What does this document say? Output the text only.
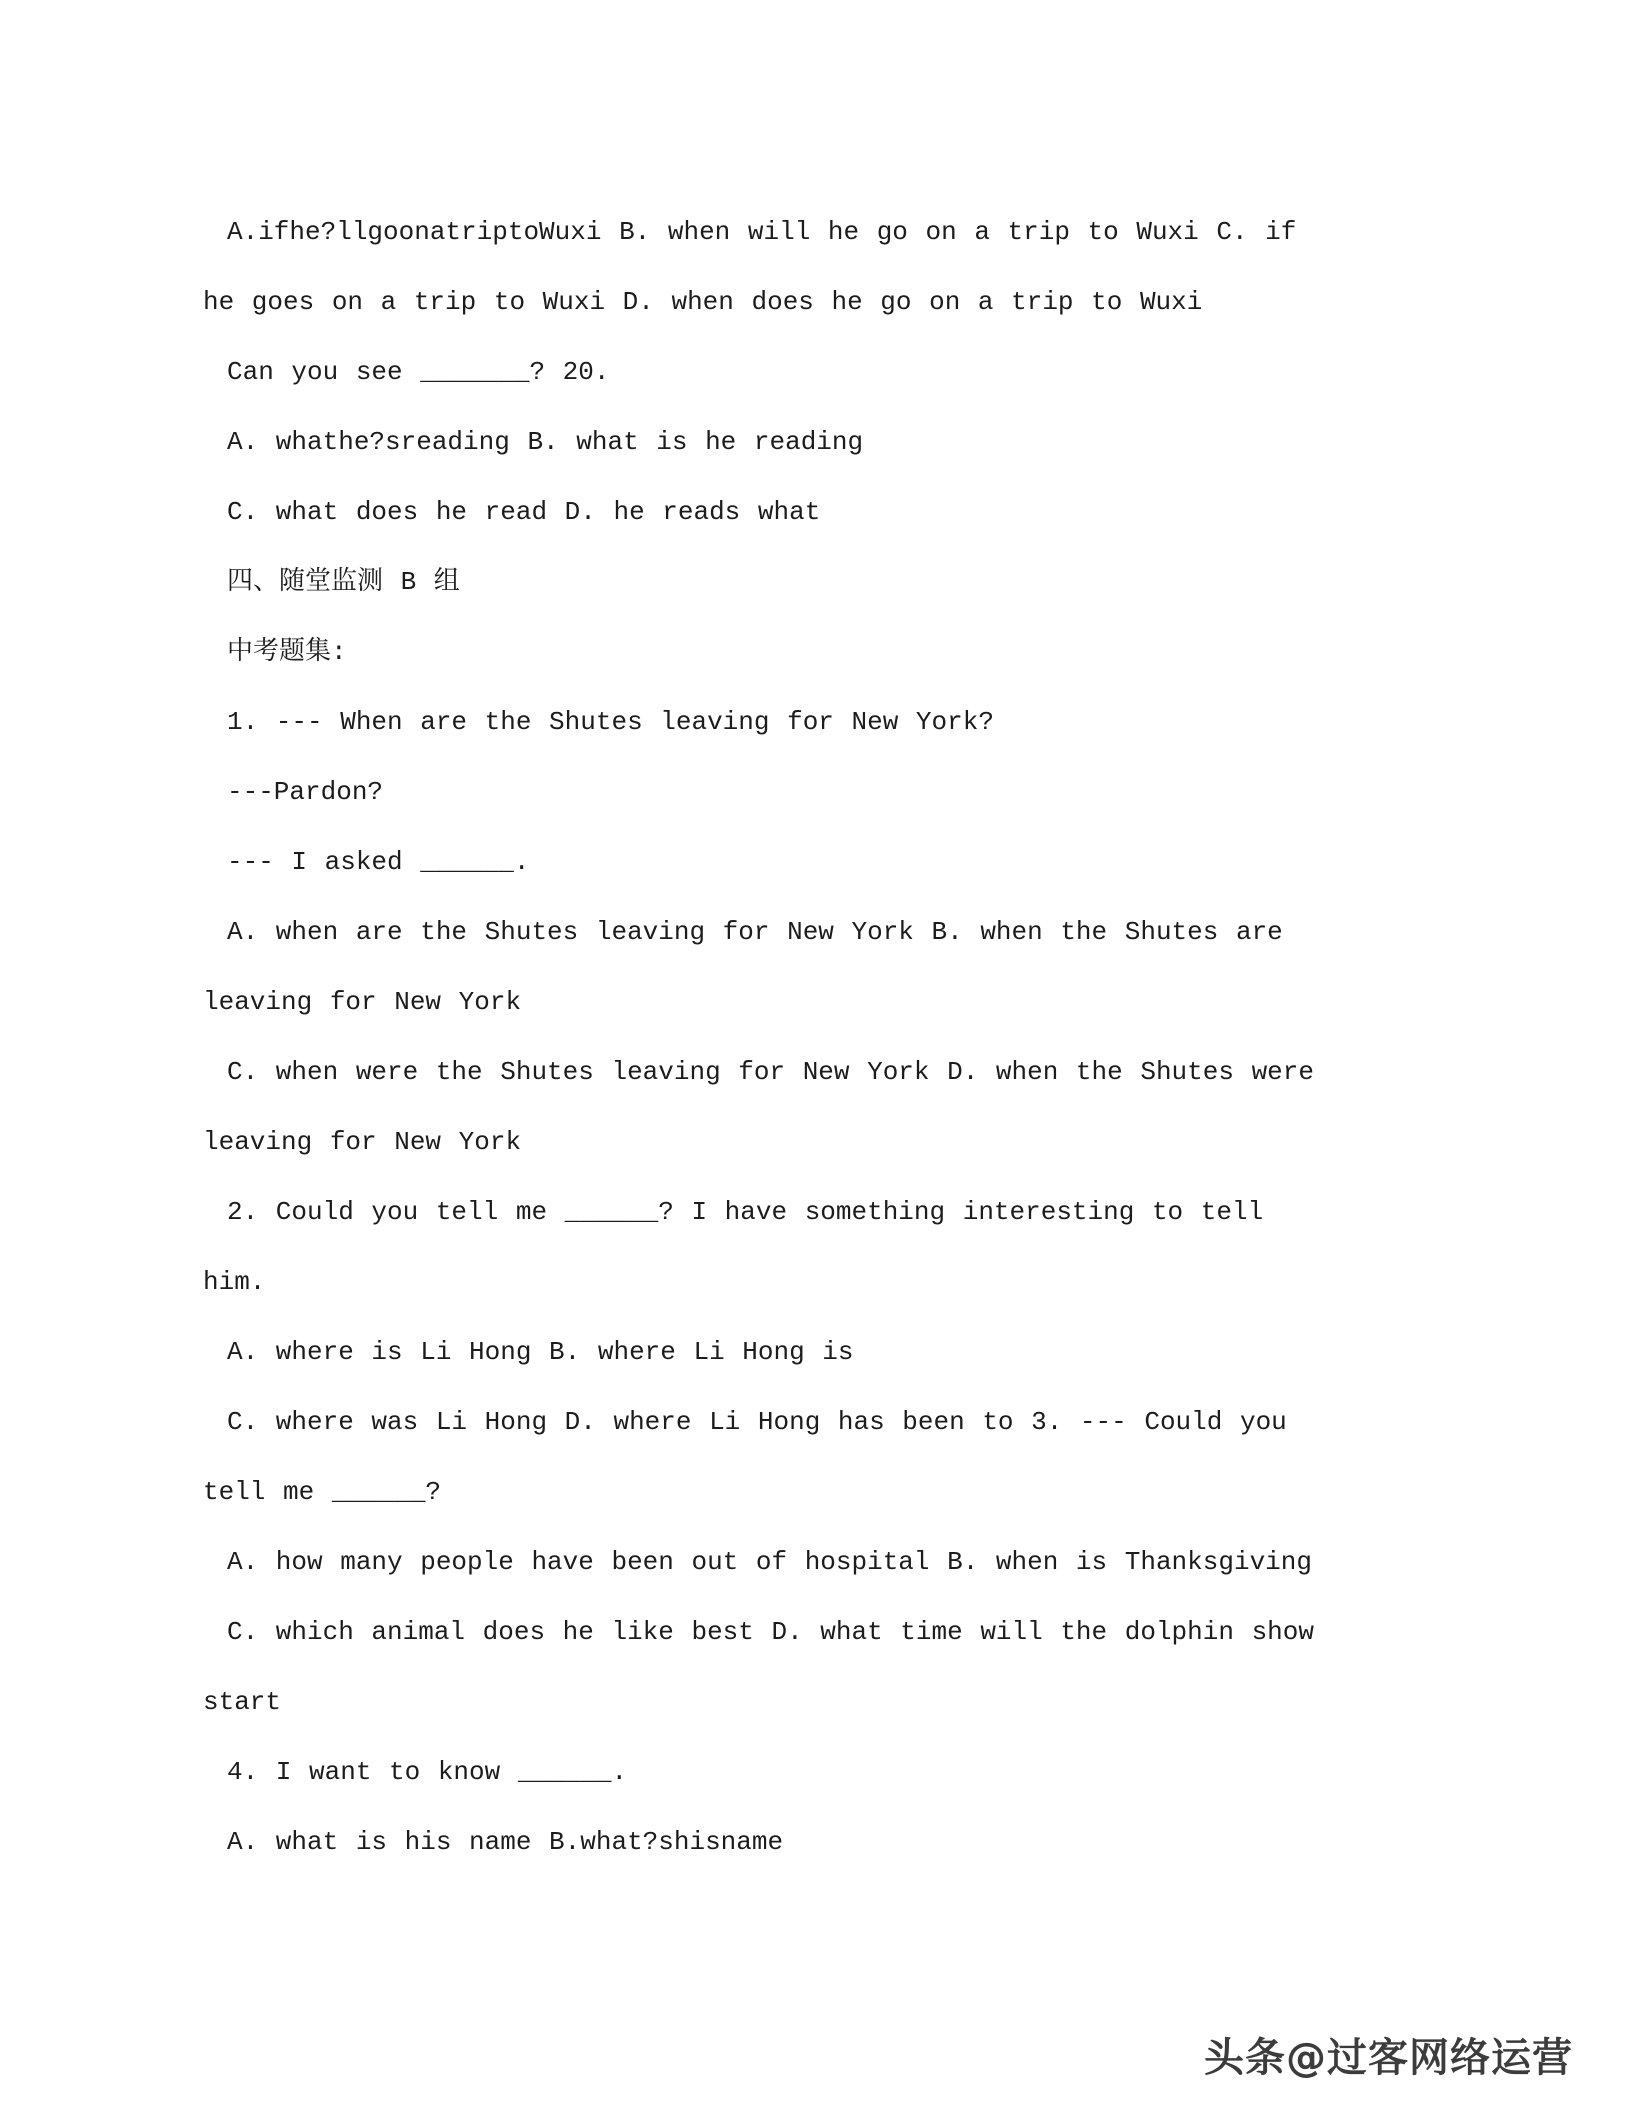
A.ifhe?llgoonatriptoWuxi B. when will he go on a trip to Wuxi C. if
he goes on a trip to Wuxi D. when does he go on a trip to Wuxi
Can you see _______? 20.
A. whathe?sreading B. what is he reading
C. what does he read D. he reads what
四、随堂监测 B 组
中考题集:
1. --- When are the Shutes leaving for New York?
---Pardon?
--- I asked ______.
A. when are the Shutes leaving for New York B. when the Shutes are
leaving for New York
C. when were the Shutes leaving for New York D. when the Shutes were
leaving for New York
2. Could you tell me ______? I have something interesting to tell
him.
A. where is Li Hong B. where Li Hong is
C. where was Li Hong D. where Li Hong has been to 3. --- Could you
tell me ______?
A. how many people have been out of hospital B. when is Thanksgiving
C. which animal does he like best D. what time will the dolphin show
start
4. I want to know ______.
A. what is his name B.what?shisname
头条@过客网络运营
